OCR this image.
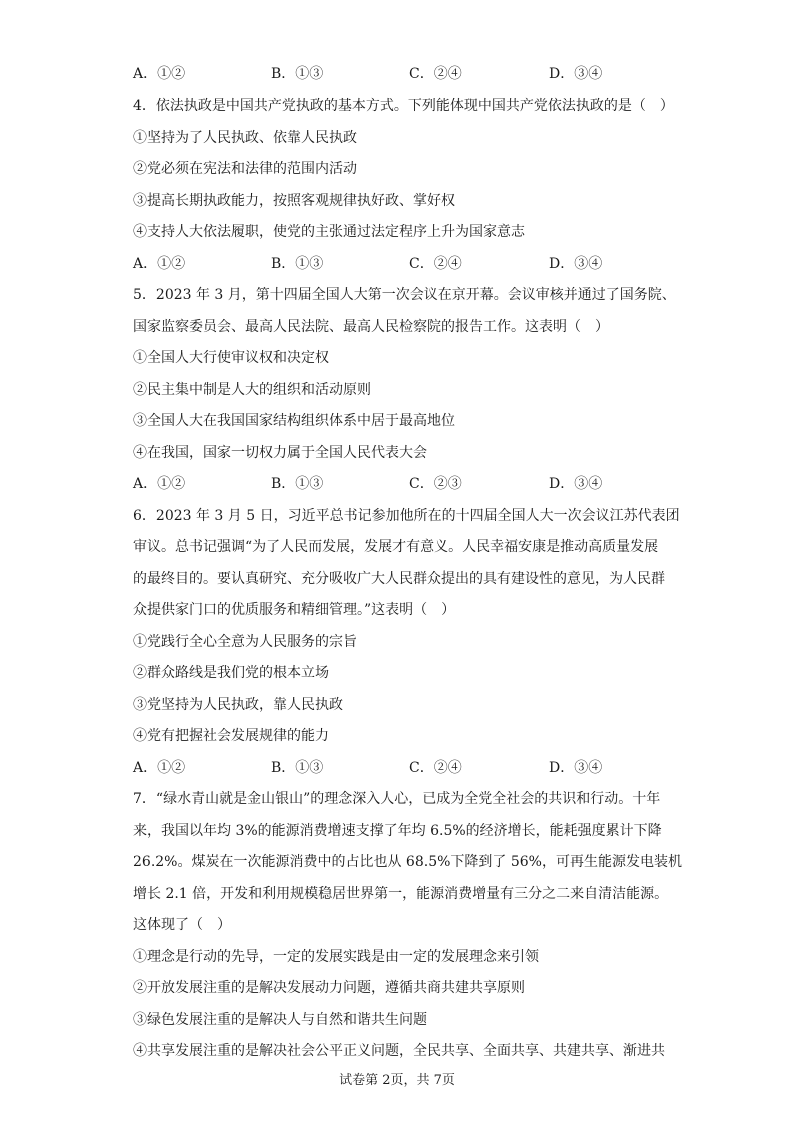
A．①②	B．①③	C．②④	D．③④
4．依法执政是中国共产党执政的基本方式。下列能体现中国共产党依法执政的是（　）
①坚持为了人民执政、依靠人民执政
②党必须在宪法和法律的范围内活动
③提高长期执政能力，按照客观规律执好政、掌好权
④支持人大依法履职，使党的主张通过法定程序上升为国家意志
A．①②	B．①③	C．②④	D．③④
5．2023 年 3 月，第十四届全国人大第一次会议在京开幕。会议审核并通过了国务院、
国家监察委员会、最高人民法院、最高人民检察院的报告工作。这表明（　）
①全国人大行使审议权和决定权
②民主集中制是人大的组织和活动原则
③全国人大在我国国家结构组织体系中居于最高地位
④在我国，国家一切权力属于全国人民代表大会
A．①②	B．①③	C．②③	D．③④
6．2023 年 3 月 5 日，习近平总书记参加他所在的十四届全国人大一次会议江苏代表团
审议。总书记强调“为了人民而发展，发展才有意义。人民幸福安康是推动高质量发展
的最终目的。要认真研究、充分吸收广大人民群众提出的具有建设性的意见，为人民群
众提供家门口的优质服务和精细管理。”这表明（　）
①党践行全心全意为人民服务的宗旨
②群众路线是我们党的根本立场
③党坚持为人民执政，靠人民执政
④党有把握社会发展规律的能力
A．①②	B．①③	C．②④	D．③④
7．“绿水青山就是金山银山”的理念深入人心，已成为全党全社会的共识和行动。十年
来，我国以年均 3%的能源消费增速支撑了年均 6.5%的经济增长，能耗强度累计下降
26.2%。煤炭在一次能源消费中的占比也从 68.5%下降到了 56%，可再生能源发电装机
增长 2.1 倍，开发和利用规模稳居世界第一，能源消费增量有三分之二来自清洁能源。
这体现了（　）
①理念是行动的先导，一定的发展实践是由一定的发展理念来引领
②开放发展注重的是解决发展动力问题，遵循共商共建共享原则
③绿色发展注重的是解决人与自然和谐共生问题
④共享发展注重的是解决社会公平正义问题，全民共享、全面共享、共建共享、渐进共
试卷第 2页，共 7页
